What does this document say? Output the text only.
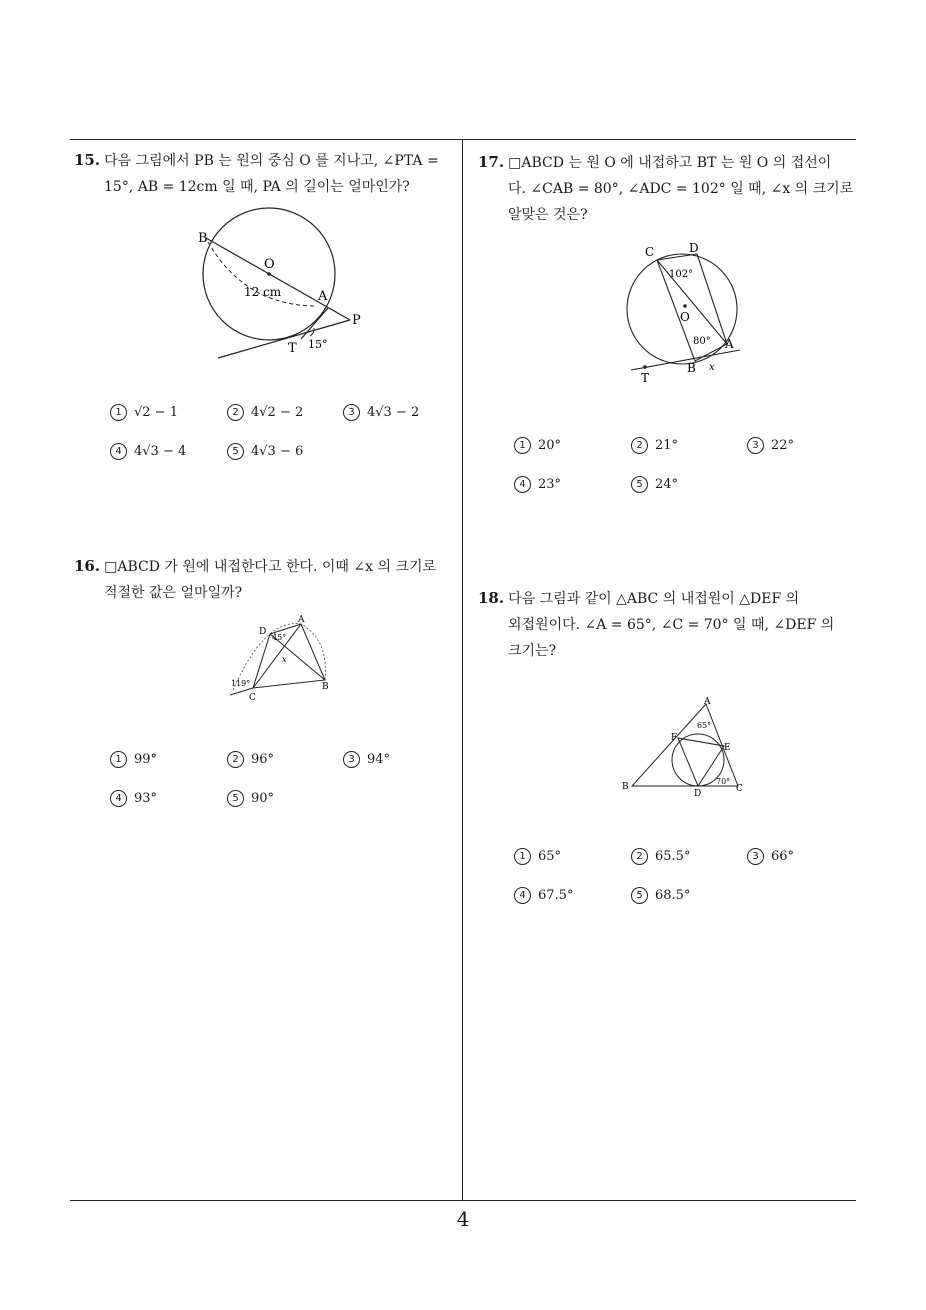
15. 다음 그림에서 PB 는 원의 중심 O 를 지나고, ∠PTA =
15°, AB = 12cm 일 때, PA 의 길이는 얼마인가?
B
O
A
P
T
12 cm
15°
1 √2 − 1	2 4√2 − 2	3 4√3 − 2
4 4√3 − 4	5 4√3 − 6
16. □ABCD 가 원에 내접한다고 한다. 이때 ∠x 의 크기로
적절한 값은 얼마일까?
D
A
B
C
45°
119°
x
1 99°	2 96°	3 94°
4 93°	5 90°
17. □ABCD 는 원 O 에 내접하고 BT 는 원 O 의 접선이
다. ∠CAB = 80°, ∠ADC = 102° 일 때, ∠x 의 크기로
알맞은 것은?
C	D
O
A
B
T
102°
80°
x
1 20°	2 21°	3 22°
4 23°	5 24°
18. 다음 그림과 같이 △ABC 의 내접원이 △DEF 의
외접원이다. ∠A = 65°, ∠C = 70° 일 때, ∠DEF 의
크기는?
A
B	C
D
E
F
65°
70°
1 65°	2 65.5°	3 66°
4 67.5°	5 68.5°
4
